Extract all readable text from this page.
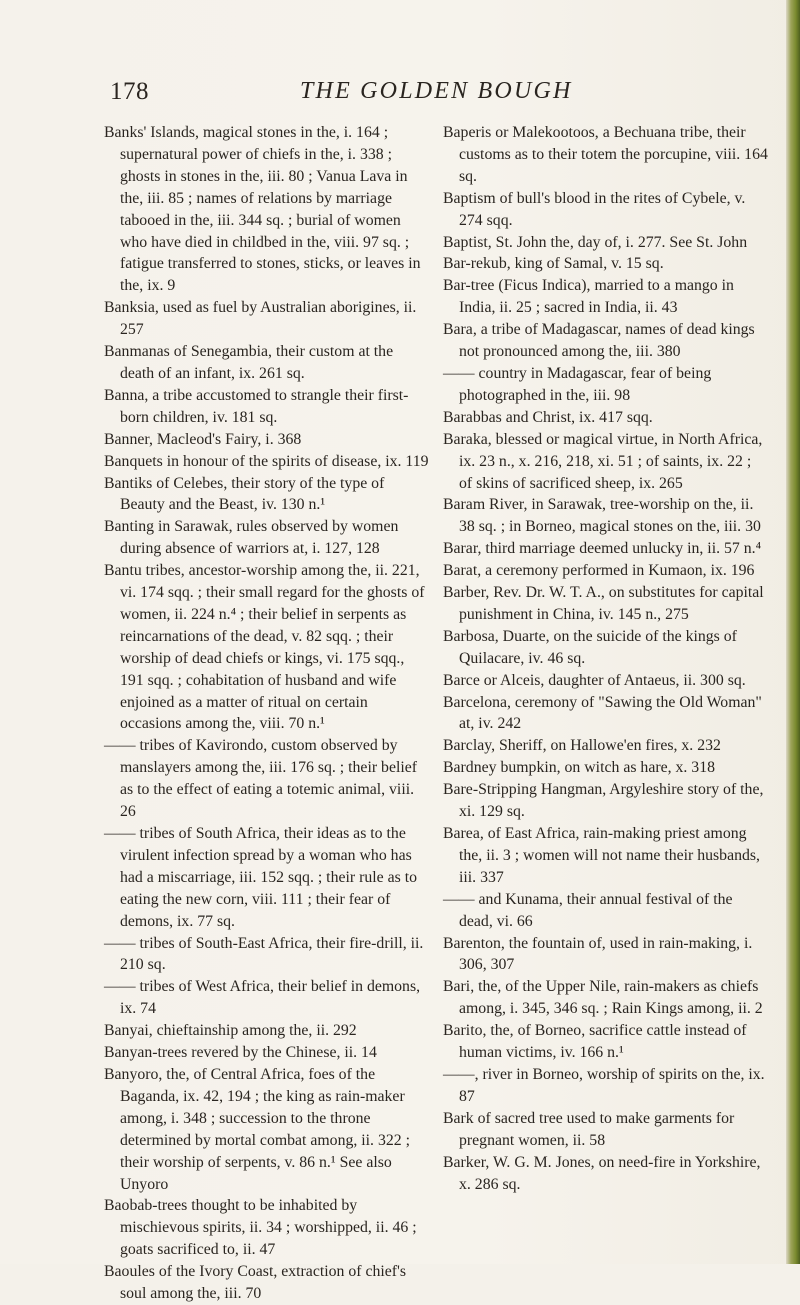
178	THE GOLDEN BOUGH

Banks' Islands, magical stones in the, i. 164 ; supernatural power of chiefs in the, i. 338 ; ghosts in stones in the, iii. 80 ; Vanua Lava in the, iii. 85 ; names of relations by marriage tabooed in the, iii. 344 sq. ; burial of women who have died in childbed in the, viii. 97 sq. ; fatigue transferred to stones, sticks, or leaves in the, ix. 9

Banksia, used as fuel by Australian aborigines, ii. 257

Banmanas of Senegambia, their custom at the death of an infant, ix. 261 sq.

Banna, a tribe accustomed to strangle their first-born children, iv. 181 sq.

Banner, Macleod's Fairy, i. 368

Banquets in honour of the spirits of disease, ix. 119

Bantiks of Celebes, their story of the type of Beauty and the Beast, iv. 130 n.¹

Banting in Sarawak, rules observed by women during absence of warriors at, i. 127, 128

Bantu tribes, ancestor-worship among the, ii. 221, vi. 174 sqq. ; their small regard for the ghosts of women, ii. 224 n.⁴ ; their belief in serpents as reincarnations of the dead, v. 82 sqq. ; their worship of dead chiefs or kings, vi. 175 sqq., 191 sqq. ; cohabitation of husband and wife enjoined as a matter of ritual on certain occasions among the, viii. 70 n.¹

—— tribes of Kavirondo, custom observed by manslayers among the, iii. 176 sq. ; their belief as to the effect of eating a totemic animal, viii. 26

—— tribes of South Africa, their ideas as to the virulent infection spread by a woman who has had a miscarriage, iii. 152 sqq. ; their rule as to eating the new corn, viii. 111 ; their fear of demons, ix. 77 sq.

—— tribes of South-East Africa, their fire-drill, ii. 210 sq.

—— tribes of West Africa, their belief in demons, ix. 74

Banyai, chieftainship among the, ii. 292

Banyan-trees revered by the Chinese, ii. 14

Banyoro, the, of Central Africa, foes of the Baganda, ix. 42, 194 ; the king as rain-maker among, i. 348 ; succession to the throne determined by mortal combat among, ii. 322 ; their worship of serpents, v. 86 n.¹ See also Unyoro

Baobab-trees thought to be inhabited by mischievous spirits, ii. 34 ; worshipped, ii. 46 ; goats sacrificed to, ii. 47

Baoules of the Ivory Coast, extraction of chief's soul among the, iii. 70

Baperis or Malekootoos, a Bechuana tribe, their customs as to their totem the porcupine, viii. 164 sq.

Baptism of bull's blood in the rites of Cybele, v. 274 sqq.

Baptist, St. John the, day of, i. 277. See St. John

Bar-rekub, king of Samal, v. 15 sq.

Bar-tree (Ficus Indica), married to a mango in India, ii. 25 ; sacred in India, ii. 43

Bara, a tribe of Madagascar, names of dead kings not pronounced among the, iii. 380

—— country in Madagascar, fear of being photographed in the, iii. 98

Barabbas and Christ, ix. 417 sqq.

Baraka, blessed or magical virtue, in North Africa, ix. 23 n., x. 216, 218, xi. 51 ; of saints, ix. 22 ; of skins of sacrificed sheep, ix. 265

Baram River, in Sarawak, tree-worship on the, ii. 38 sq. ; in Borneo, magical stones on the, iii. 30

Barar, third marriage deemed unlucky in, ii. 57 n.⁴

Barat, a ceremony performed in Kumaon, ix. 196

Barber, Rev. Dr. W. T. A., on substitutes for capital punishment in China, iv. 145 n., 275

Barbosa, Duarte, on the suicide of the kings of Quilacare, iv. 46 sq.

Barce or Alceis, daughter of Antaeus, ii. 300 sq.

Barcelona, ceremony of "Sawing the Old Woman" at, iv. 242

Barclay, Sheriff, on Hallowe'en fires, x. 232

Bardney bumpkin, on witch as hare, x. 318

Bare-Stripping Hangman, Argyleshire story of the, xi. 129 sq.

Barea, of East Africa, rain-making priest among the, ii. 3 ; women will not name their husbands, iii. 337

—— and Kunama, their annual festival of the dead, vi. 66

Barenton, the fountain of, used in rain-making, i. 306, 307

Bari, the, of the Upper Nile, rain-makers as chiefs among, i. 345, 346 sq. ; Rain Kings among, ii. 2

Barito, the, of Borneo, sacrifice cattle instead of human victims, iv. 166 n.¹

——, river in Borneo, worship of spirits on the, ix. 87

Bark of sacred tree used to make garments for pregnant women, ii. 58

Barker, W. G. M. Jones, on need-fire in Yorkshire, x. 286 sq.
